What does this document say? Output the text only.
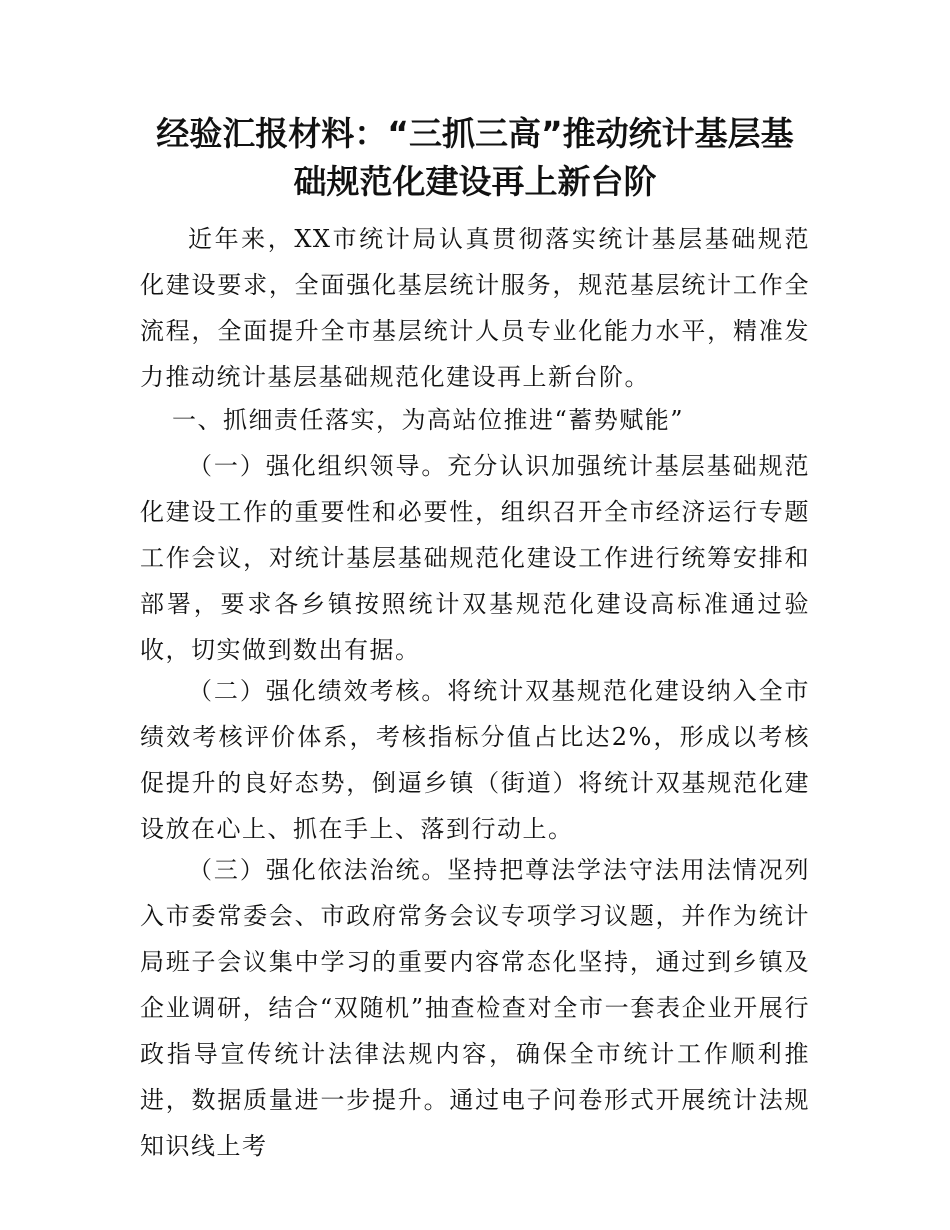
经验汇报材料：“三抓三高”推动统计基层基础规范化建设再上新台阶

近年来，XX市统计局认真贯彻落实统计基层基础规范化建设要求，全面强化基层统计服务，规范基层统计工作全流程，全面提升全市基层统计人员专业化能力水平，精准发力推动统计基层基础规范化建设再上新台阶。

一、抓细责任落实，为高站位推进“蓄势赋能”

（一）强化组织领导。充分认识加强统计基层基础规范化建设工作的重要性和必要性，组织召开全市经济运行专题工作会议，对统计基层基础规范化建设工作进行统筹安排和部署，要求各乡镇按照统计双基规范化建设高标准通过验收，切实做到数出有据。

（二）强化绩效考核。将统计双基规范化建设纳入全市绩效考核评价体系，考核指标分值占比达2%，形成以考核促提升的良好态势，倒逼乡镇（街道）将统计双基规范化建设放在心上、抓在手上、落到行动上。

（三）强化依法治统。坚持把尊法学法守法用法情况列入市委常委会、市政府常务会议专项学习议题，并作为统计局班子会议集中学习的重要内容常态化坚持，通过到乡镇及企业调研，结合“双随机”抽查检查对全市一套表企业开展行政指导宣传统计法律法规内容，确保全市统计工作顺利推进，数据质量进一步提升。通过电子问卷形式开展统计法规知识线上考
